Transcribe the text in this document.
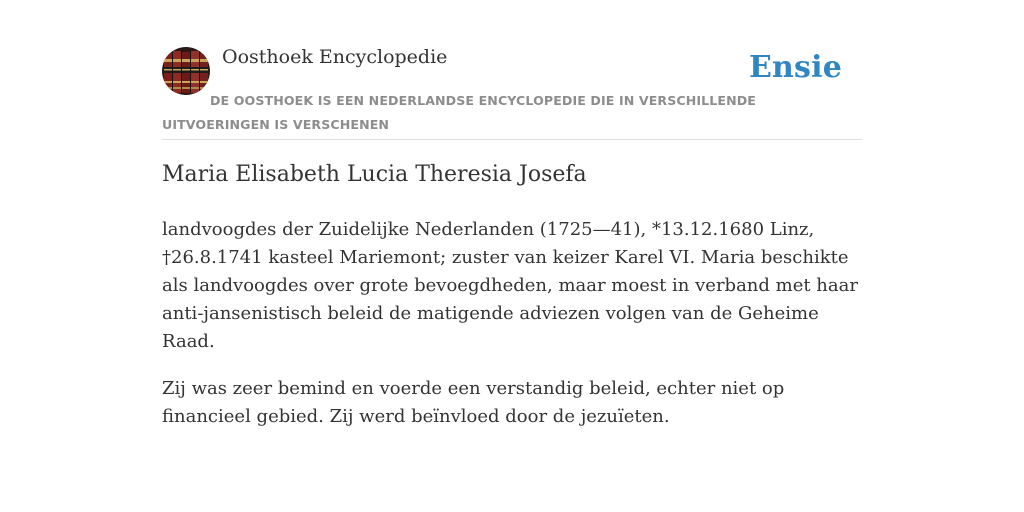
Oosthoek Encyclopedie	Ensie
DE OOSTHOEK IS EEN NEDERLANDSE ENCYCLOPEDIE DIE IN VERSCHILLENDE UITVOERINGEN IS VERSCHENEN
Maria Elisabeth Lucia Theresia Josefa

landvoogdes der Zuidelijke Nederlanden (1725—41), *13.12.1680 Linz, †26.8.1741 kasteel Mariemont; zuster van keizer Karel VI. Maria beschikte als landvoogdes over grote bevoegdheden, maar moest in verband met haar anti-jansenistisch beleid de matigende adviezen volgen van de Geheime Raad.

Zij was zeer bemind en voerde een verstandig beleid, echter niet op financieel gebied. Zij werd beïnvloed door de jezuïeten.
